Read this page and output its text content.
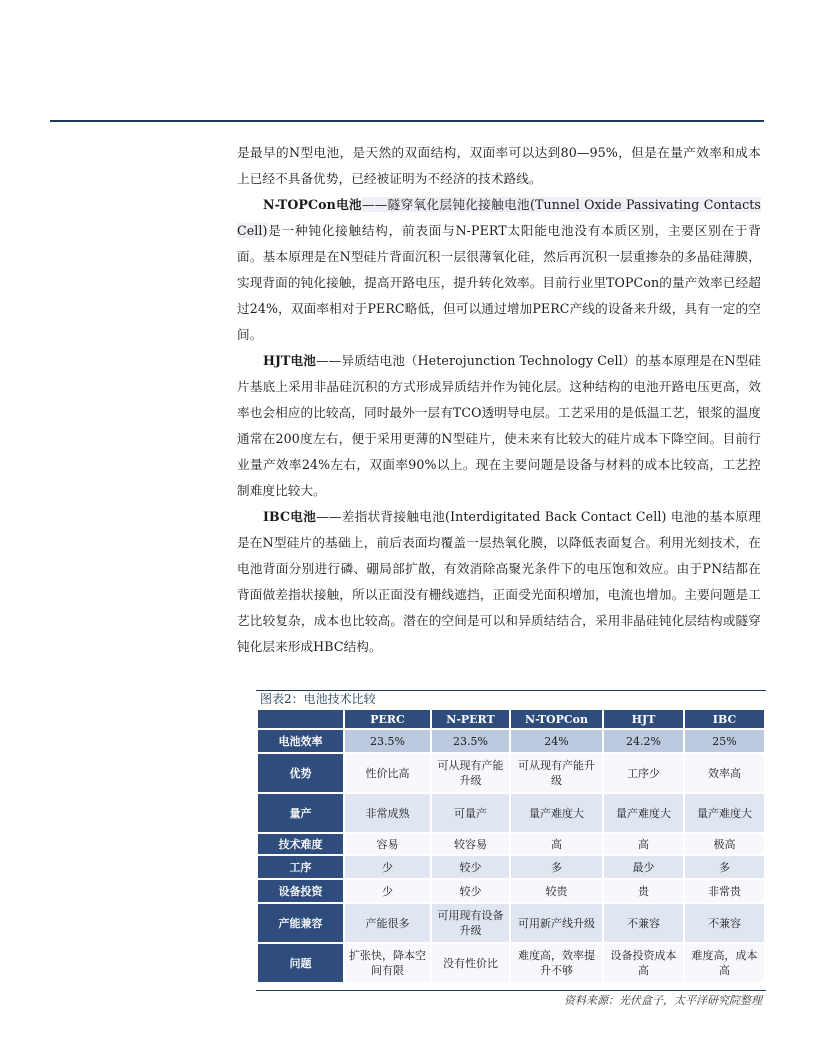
是最早的N型电池，是天然的双面结构，双面率可以达到80—95%，但是在量产效率和成本上已经不具备优势，已经被证明为不经济的技术路线。

N-TOPCon电池——隧穿氧化层钝化接触电池(Tunnel Oxide Passivating Contacts Cell)是一种钝化接触结构，前表面与N-PERT太阳能电池没有本质区别，主要区别在于背面。基本原理是在N型硅片背面沉积一层很薄氧化硅，然后再沉积一层重掺杂的多晶硅薄膜，实现背面的钝化接触，提高开路电压，提升转化效率。目前行业里TOPCon的量产效率已经超过24%，双面率相对于PERC略低，但可以通过增加PERC产线的设备来升级，具有一定的空间。

HJT电池——异质结电池（Heterojunction Technology Cell）的基本原理是在N型硅片基底上采用非晶硅沉积的方式形成异质结并作为钝化层。这种结构的电池开路电压更高，效率也会相应的比较高，同时最外一层有TCO透明导电层。工艺采用的是低温工艺，银浆的温度通常在200度左右，便于采用更薄的N型硅片，使未来有比较大的硅片成本下降空间。目前行业量产效率24%左右，双面率90%以上。现在主要问题是设备与材料的成本比较高，工艺控制难度比较大。

IBC电池——差指状背接触电池(Interdigitated Back Contact Cell) 电池的基本原理是在N型硅片的基础上，前后表面均覆盖一层热氧化膜，以降低表面复合。利用光刻技术，在电池背面分别进行磷、硼局部扩散，有效消除高聚光条件下的电压饱和效应。由于PN结都在背面做差指状接触，所以正面没有栅线遮挡，正面受光面积增加，电流也增加。主要问题是工艺比较复杂，成本也比较高。潜在的空间是可以和异质结结合，采用非晶硅钝化层结构或隧穿钝化层来形成HBC结构。

图表2：电池技术比较
	PERC	N-PERT	N-TOPCon	HJT	IBC
电池效率	23.5%	23.5%	24%	24.2%	25%
优势	性价比高	可从现有产能升级	可从现有产能升级	工序少	效率高
量产	非常成熟	可量产	量产难度大	量产难度大	量产难度大
技术难度	容易	较容易	高	高	极高
工序	少	较少	多	最少	多
设备投资	少	较少	较贵	贵	非常贵
产能兼容	产能很多	可用现有设备升级	可用新产线升级	不兼容	不兼容
问题	扩张快，降本空间有限	没有性价比	难度高，效率提升不够	设备投资成本高	难度高，成本高
资料来源：光伏盒子，太平洋研究院整理
